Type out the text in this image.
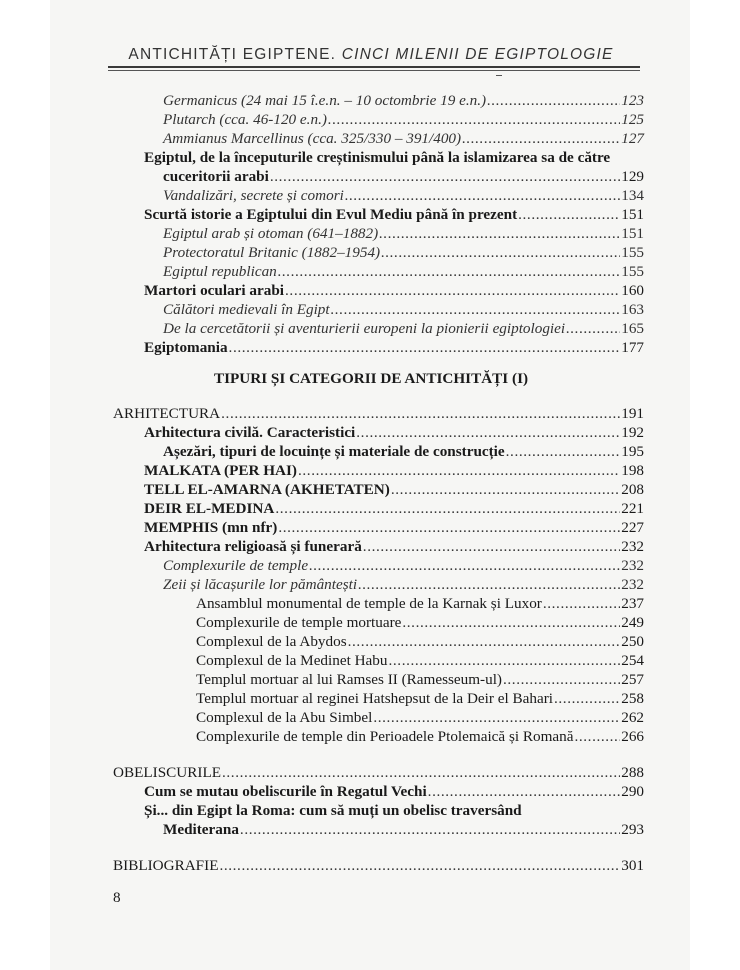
ANTICHITĂȚI EGIPTENE. CINCI MILENII DE EGIPTOLOGIE
Germanicus (24 mai 15 î.e.n. – 10 octombrie 19 e.n.) .....	123
Plutarch (cca. 46-120 e.n.) .....	125
Ammianus Marcellinus (cca. 325/330 – 391/400) .....	127
Egiptul, de la începuturile creștinismului până la islamizarea sa de către
cuceritorii arabi .....	129
Vandalizări, secrete și comori .....	134
Scurtă istorie a Egiptului din Evul Mediu până în prezent .....	151
Egiptul arab și otoman (641–1882) .....	151
Protectoratul Britanic (1882–1954) .....	155
Egiptul republican .....	155
Martori oculari arabi .....	160
Călători medievali în Egipt .....	163
De la cercetătorii și aventurierii europeni la pionierii egiptologiei .....	165
Egiptomania .....	177
TIPURI ȘI CATEGORII DE ANTICHITĂȚI (I)
ARHITECTURA .....	191
Arhitectura civilă. Caracteristici .....	192
Așezări, tipuri de locuințe și materiale de construcție .....	195
MALKATA (PER HAI) .....	198
TELL EL-AMARNA (AKHETATEN) .....	208
DEIR EL-MEDINA .....	221
MEMPHIS (mn nfr) .....	227
Arhitectura religioasă și funerară .....	232
Complexurile de temple .....	232
Zeii și lăcașurile lor pământești .....	232
Ansamblul monumental de temple de la Karnak și Luxor .....	237
Complexurile de temple mortuare .....	249
Complexul de la Abydos .....	250
Complexul de la Medinet Habu .....	254
Templul mortuar al lui Ramses II (Ramesseum-ul) .....	257
Templul mortuar al reginei Hatshepsut de la Deir el Bahari .....	258
Complexul de la Abu Simbel .....	262
Complexurile de temple din Perioadele Ptolemaică și Romană .....	266
OBELISCURILE .....	288
Cum se mutau obeliscurile în Regatul Vechi .....	290
Și... din Egipt la Roma: cum să muți un obelisc traversând
Mediterana .....	293
BIBLIOGRAFIE .....	301
8
